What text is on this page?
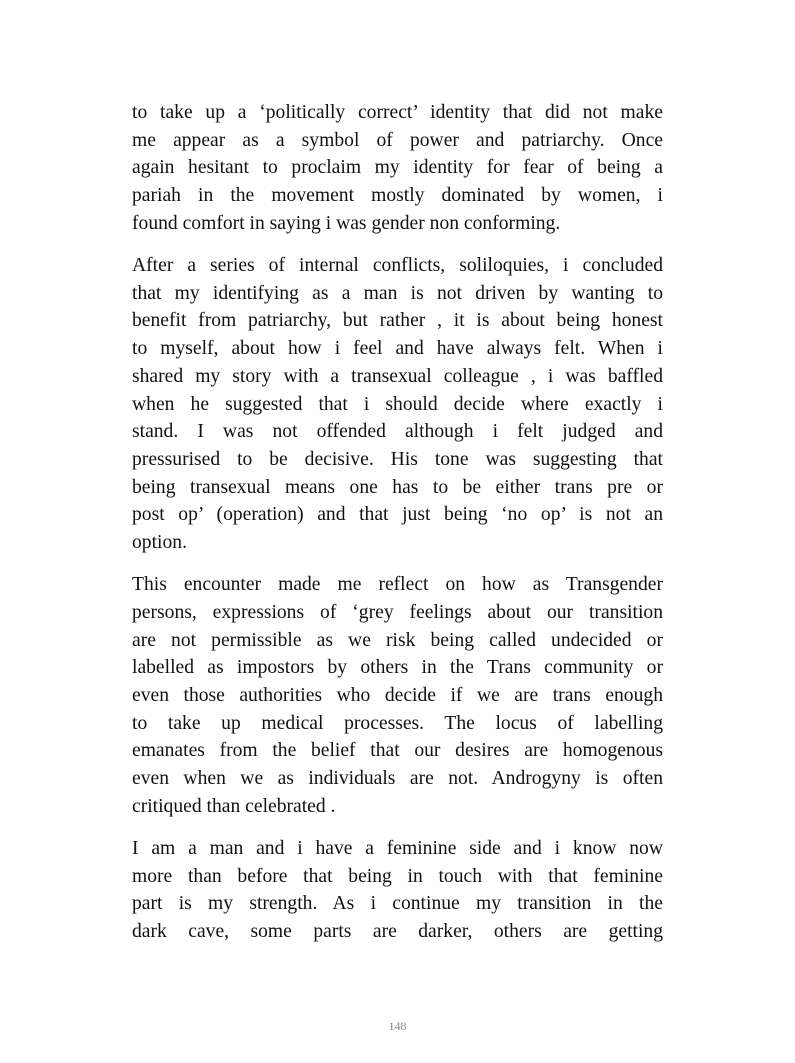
to take up a ‘politically correct’ identity that did not make
me appear as a symbol of power and patriarchy. Once
again hesitant to proclaim my identity for fear of being a
pariah in the movement mostly dominated by women, i
found comfort in saying i was gender non conforming.

After a series of internal conflicts, soliloquies, i concluded
that my identifying as a man is not driven by wanting to
benefit from patriarchy, but rather , it is about being honest
to myself, about how i feel and have always felt. When i
shared my story with a transexual colleague , i was baffled
when he suggested that i should decide where exactly i
stand. I was not offended although i felt judged and
pressurised to be decisive. His tone was suggesting that
being transexual means one has to be either trans pre or
post op’ (operation) and that just being ‘no op’ is not an
option.

This encounter made me reflect on how as Transgender
persons, expressions of ‘grey feelings about our transition
are not permissible as we risk being called undecided or
labelled as impostors by others in the Trans community or
even those authorities who decide if we are trans enough
to take up medical processes. The locus of labelling
emanates from the belief that our desires are homogenous
even when we as individuals are not. Androgyny is often
critiqued than celebrated .

I am a man and i have a feminine side and i know now
more than before that being in touch with that feminine
part is my strength. As i continue my transition in the
dark cave, some parts are darker, others are getting

148
